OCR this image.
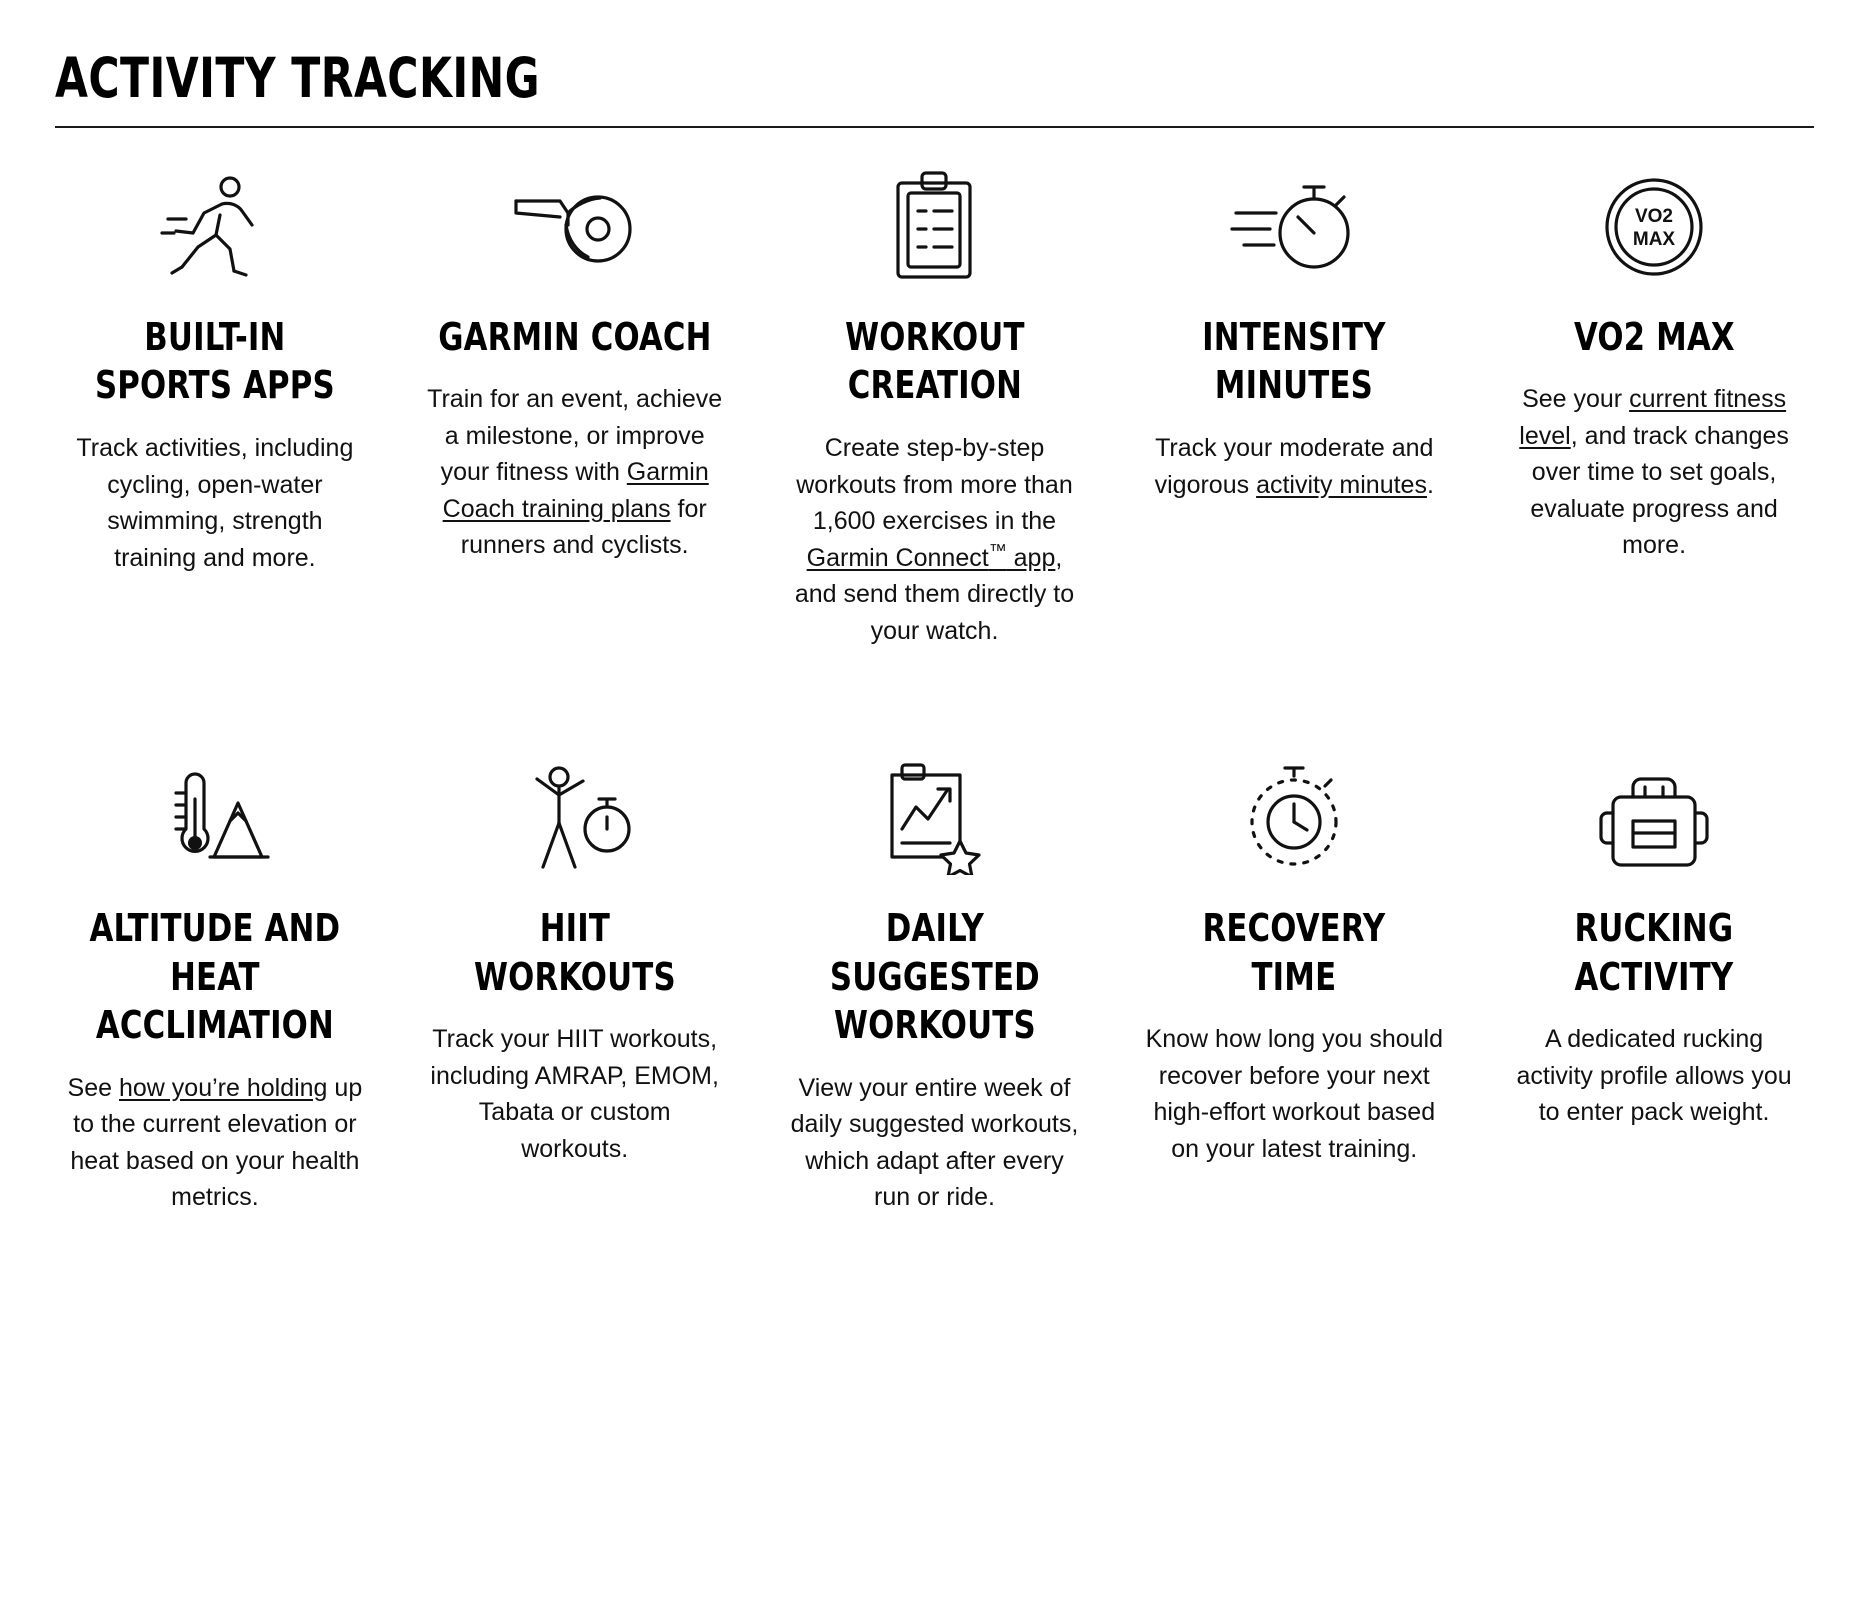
ACTIVITY TRACKING
BUILT-IN SPORTS APPS

Track activities, including cycling, open-water swimming, strength training and more.

GARMIN COACH

Train for an event, achieve a milestone, or improve your fitness with Garmin Coach training plans for runners and cyclists.

WORKOUT CREATION

Create step-by-step workouts from more than 1,600 exercises in the Garmin Connect™ app, and send them directly to your watch.

INTENSITY MINUTES

Track your moderate and vigorous activity minutes.

VO2
MAX
VO2 MAX

See your current fitness level, and track changes over time to set goals, evaluate progress and more.

ALTITUDE AND HEAT ACCLIMATION

See how you’re holding up to the current elevation or heat based on your health metrics.

HIIT WORKOUTS

Track your HIIT workouts, including AMRAP, EMOM, Tabata or custom workouts.

DAILY SUGGESTED WORKOUTS

View your entire week of daily suggested workouts, which adapt after every run or ride.

RECOVERY TIME

Know how long you should recover before your next high-effort workout based on your latest training.

RUCKING ACTIVITY

A dedicated rucking activity profile allows you to enter pack weight.
